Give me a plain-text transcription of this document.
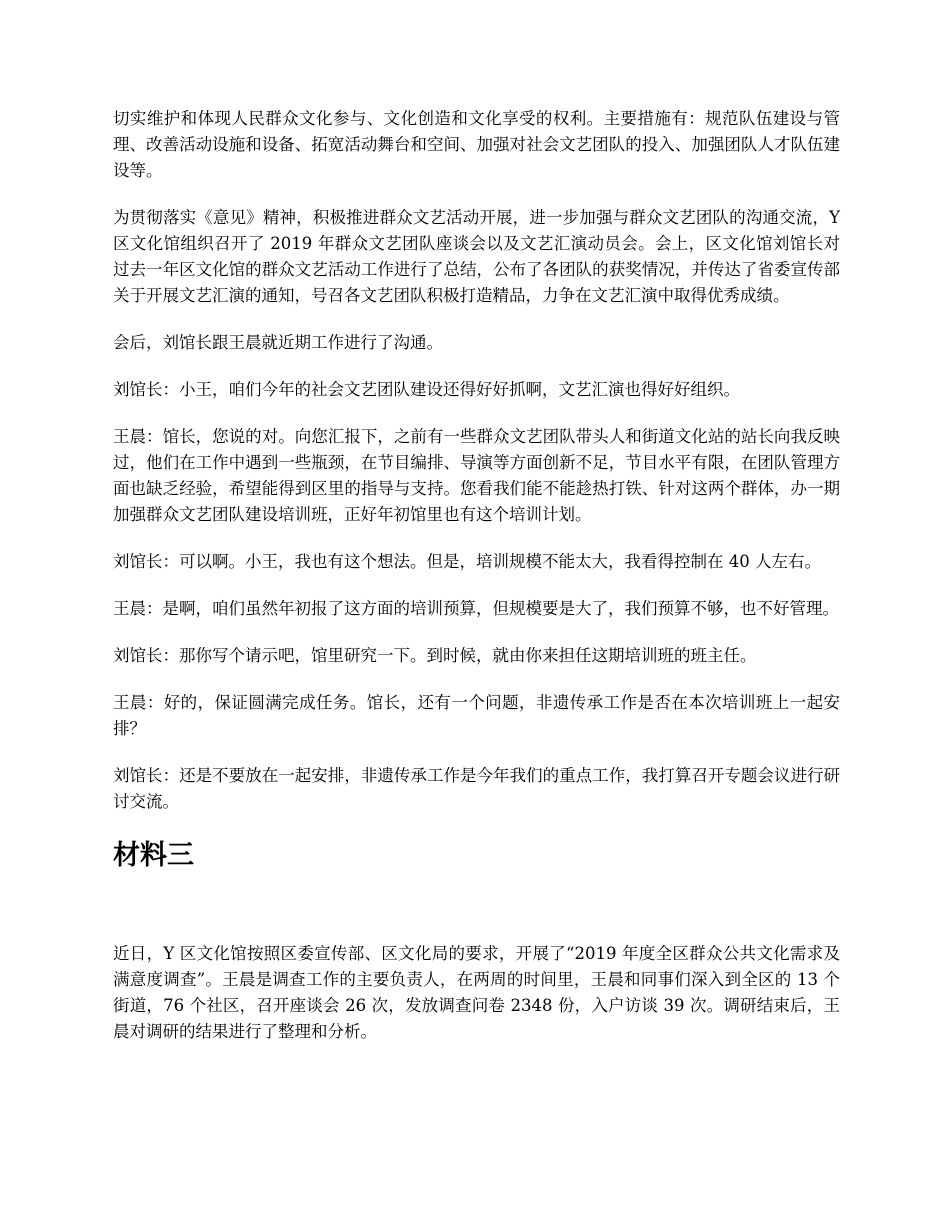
切实维护和体现人民群众文化参与、文化创造和文化享受的权利。主要措施有：规范队伍建设与管理、改善活动设施和设备、拓宽活动舞台和空间、加强对社会文艺团队的投入、加强团队人才队伍建设等。

为贯彻落实《意见》精神，积极推进群众文艺活动开展，进一步加强与群众文艺团队的沟通交流，Y 区文化馆组织召开了 2019 年群众文艺团队座谈会以及文艺汇演动员会。会上，区文化馆刘馆长对过去一年区文化馆的群众文艺活动工作进行了总结，公布了各团队的获奖情况，并传达了省委宣传部关于开展文艺汇演的通知，号召各文艺团队积极打造精品，力争在文艺汇演中取得优秀成绩。

会后，刘馆长跟王晨就近期工作进行了沟通。

刘馆长：小王，咱们今年的社会文艺团队建设还得好好抓啊，文艺汇演也得好好组织。

王晨：馆长，您说的对。向您汇报下，之前有一些群众文艺团队带头人和街道文化站的站长向我反映过，他们在工作中遇到一些瓶颈，在节目编排、导演等方面创新不足，节目水平有限，在团队管理方面也缺乏经验，希望能得到区里的指导与支持。您看我们能不能趁热打铁、针对这两个群体，办一期加强群众文艺团队建设培训班，正好年初馆里也有这个培训计划。

刘馆长：可以啊。小王，我也有这个想法。但是，培训规模不能太大，我看得控制在 40 人左右。

王晨：是啊，咱们虽然年初报了这方面的培训预算，但规模要是大了，我们预算不够，也不好管理。

刘馆长：那你写个请示吧，馆里研究一下。到时候，就由你来担任这期培训班的班主任。

王晨：好的，保证圆满完成任务。馆长，还有一个问题，非遗传承工作是否在本次培训班上一起安排？

刘馆长：还是不要放在一起安排，非遗传承工作是今年我们的重点工作，我打算召开专题会议进行研讨交流。

材料三

近日，Y 区文化馆按照区委宣传部、区文化局的要求，开展了“2019 年度全区群众公共文化需求及满意度调查”。王晨是调查工作的主要负责人，在两周的时间里，王晨和同事们深入到全区的 13 个街道，76 个社区，召开座谈会 26 次，发放调查问卷 2348 份，入户访谈 39 次。调研结束后，王晨对调研的结果进行了整理和分析。
